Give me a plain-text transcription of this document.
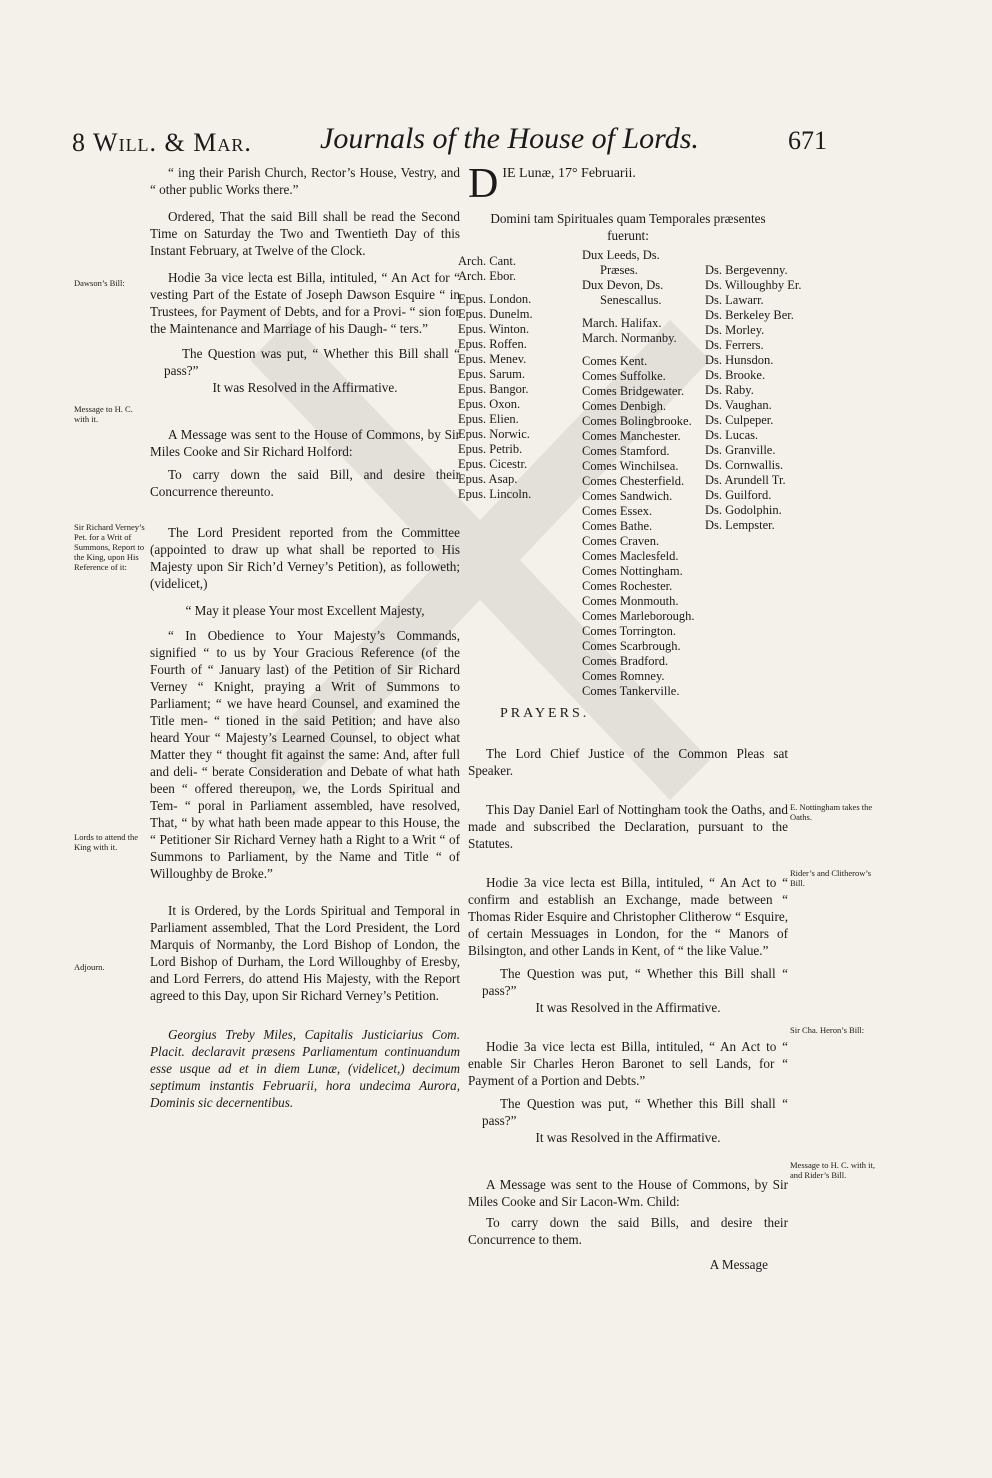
8 Will. & Mar. Journals of the House of Lords.	671
Dawson’s Bill:
Message to H. C. with it.
Sir Richard Verney’s Pet. for a Writ of Summons, Report to the King, upon His Reference of it:
Lords to attend the King with it.
Adjourn.

“ ing their Parish Church, Rector’s House, Vestry, and “ other public Works there.”

Ordered, That the said Bill shall be read the Second Time on Saturday the Two and Twentieth Day of this Instant February, at Twelve of the Clock.

Hodie 3a vice lecta est Billa, intituled, “ An Act for “ vesting Part of the Estate of Joseph Dawson Esquire “ in Trustees, for Payment of Debts, and for a Provi- “ sion for the Maintenance and Marriage of his Daugh- “ ters.”

The Question was put, “ Whether this Bill shall “ pass?”

It was Resolved in the Affirmative.

A Message was sent to the House of Commons, by Sir Miles Cooke and Sir Richard Holford:

To carry down the said Bill, and desire their Concurrence thereunto.

The Lord President reported from the Committee (appointed to draw up what shall be reported to His Majesty upon Sir Rich’d Verney’s Petition), as followeth; (videlicet,)

“ May it please Your most Excellent Majesty,

“ In Obedience to Your Majesty’s Commands, signified “ to us by Your Gracious Reference (of the Fourth of “ January last) of the Petition of Sir Richard Verney “ Knight, praying a Writ of Summons to Parliament; “ we have heard Counsel, and examined the Title men- “ tioned in the said Petition; and have also heard Your “ Majesty’s Learned Counsel, to object what Matter they “ thought fit against the same: And, after full and deli- “ berate Consideration and Debate of what hath been “ offered thereupon, we, the Lords Spiritual and Tem- “ poral in Parliament assembled, have resolved, That, “ by what hath been made appear to this House, the “ Petitioner Sir Richard Verney hath a Right to a Writ “ of Summons to Parliament, by the Name and Title “ of Willoughby de Broke.”

It is Ordered, by the Lords Spiritual and Temporal in Parliament assembled, That the Lord President, the Lord Marquis of Normanby, the Lord Bishop of London, the Lord Bishop of Durham, the Lord Willoughby of Eresby, and Lord Ferrers, do attend His Majesty, with the Report agreed to this Day, upon Sir Richard Verney’s Petition.

Georgius Treby Miles, Capitalis Justiciarius Com. Placit. declaravit præsens Parliamentum continuandum esse usque ad et in diem Lunæ, (videlicet,) decimum septimum instantis Februarii, hora undecima Aurora, Dominis sic decernentibus.

D IE Lunæ, 17° Februarii.

Domini tam Spirituales quam Temporales præsentes fuerunt:

Arch. Cant.
Arch. Ebor.
Epus. London.
Epus. Dunelm.
Epus. Winton.
Epus. Roffen.
Epus. Menev.
Epus. Sarum.
Epus. Bangor.
Epus. Oxon.
Epus. Elien.
Epus. Norwic.
Epus. Petrib.
Epus. Cicestr.
Epus. Asap.
Epus. Lincoln.
Dux Leeds, Ds.
Præses.
Dux Devon, Ds.
Senescallus.
March. Halifax.
March. Normanby.
Comes Kent.
Comes Suffolke.
Comes Bridgewater.
Comes Denbigh.
Comes Bolingbrooke.
Comes Manchester.
Comes Stamford.
Comes Winchilsea.
Comes Chesterfield.
Comes Sandwich.
Comes Essex.
Comes Bathe.
Comes Craven.
Comes Maclesfeld.
Comes Nottingham.
Comes Rochester.
Comes Monmouth.
Comes Marleborough.
Comes Torrington.
Comes Scarbrough.
Comes Bradford.
Comes Romney.
Comes Tankerville.
Ds. Bergevenny.
Ds. Willoughby Er.
Ds. Lawarr.
Ds. Berkeley Ber.
Ds. Morley.
Ds. Ferrers.
Ds. Hunsdon.
Ds. Brooke.
Ds. Raby.
Ds. Vaughan.
Ds. Culpeper.
Ds. Lucas.
Ds. Granville.
Ds. Cornwallis.
Ds. Arundell Tr.
Ds. Guilford.
Ds. Godolphin.
Ds. Lempster.
PRAYERS.
E. Nottingham takes the Oaths.
Rider’s and Clitherow’s Bill.
Sir Cha. Heron’s Bill:
Message to H. C. with it, and Rider’s Bill.

The Lord Chief Justice of the Common Pleas sat Speaker.

This Day Daniel Earl of Nottingham took the Oaths, and made and subscribed the Declaration, pursuant to the Statutes.

Hodie 3a vice lecta est Billa, intituled, “ An Act to “ confirm and establish an Exchange, made between “ Thomas Rider Esquire and Christopher Clitherow “ Esquire, of certain Messuages in London, for the “ Manors of Bilsington, and other Lands in Kent, of “ the like Value.”

The Question was put, “ Whether this Bill shall “ pass?”

It was Resolved in the Affirmative.

Hodie 3a vice lecta est Billa, intituled, “ An Act to “ enable Sir Charles Heron Baronet to sell Lands, for “ Payment of a Portion and Debts.”

The Question was put, “ Whether this Bill shall “ pass?”

It was Resolved in the Affirmative.

A Message was sent to the House of Commons, by Sir Miles Cooke and Sir Lacon-Wm. Child:

To carry down the said Bills, and desire their Concurrence to them.

A Message
